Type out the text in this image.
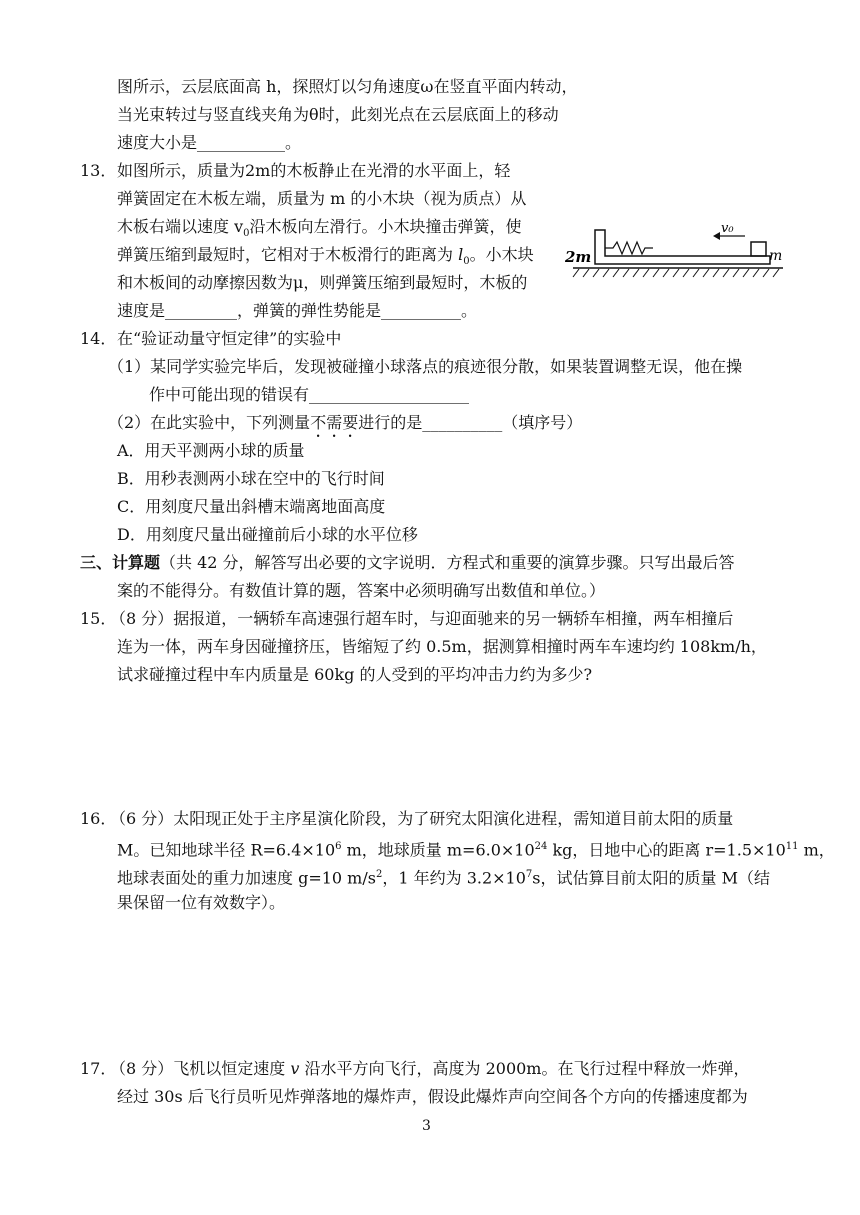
图所示，云层底面高 h，探照灯以匀角速度ω在竖直平面内转动，
当光束转过与竖直线夹角为θ时，此刻光点在云层底面上的移动
速度大小是___________。
13． 如图所示，质量为2m的木板静止在光滑的水平面上，轻
弹簧固定在木板左端，质量为 m 的小木块（视为质点）从
木板右端以速度 $v_0$沿木板向左滑行。小木块撞击弹簧，使
弹簧压缩到最短时，它相对于木板滑行的距离为 $l_0$。小木块
和木板间的动摩擦因数为μ，则弹簧压缩到最短时，木板的
速度是_________，弹簧的弹性势能是__________。
2m
v₀
m
14． 在“验证动量守恒定律”的实验中
（1）某同学实验完毕后，发现被碰撞小球落点的痕迹很分散，如果装置调整无误，他在操
作中可能出现的错误有____________________
（2）在此实验中，下列测量不需要进行的是__________（填序号）
A．用天平测两小球的质量
B．用秒表测两小球在空中的飞行时间
C．用刻度尺量出斜槽末端离地面高度
D．用刻度尺量出碰撞前后小球的水平位移
三、计算题（共 42 分，解答写出必要的文字说明．方程式和重要的演算步骤。只写出最后答
案的不能得分。有数值计算的题，答案中必须明确写出数值和单位。）
15．
（8 分）据报道，一辆轿车高速强行超车时，与迎面驰来的另一辆轿车相撞，两车相撞后
连为一体，两车身因碰撞挤压，皆缩短了约 0.5m，据测算相撞时两车车速均约 108km/h，
试求碰撞过程中车内质量是 60kg 的人受到的平均冲击力约为多少?
16．
（6 分）太阳现正处于主序星演化阶段，为了研究太阳演化进程，需知道目前太阳的质量
M。已知地球半径 $R=6.4\times 10^6$ m，地球质量 $m=6.0\times 10^{24}$ kg，日地中心的距离 $r=1.5\times 10^{11}$ m，
地球表面处的重力加速度 g=10 $m/s^2$，1 年约为 $3.2\times 10^7s$，试估算目前太阳的质量 M（结
果保留一位有效数字）。
17．
（8 分）飞机以恒定速度 v 沿水平方向飞行，高度为 2000m。在飞行过程中释放一炸弹，
经过 30s 后飞行员听见炸弹落地的爆炸声，假设此爆炸声向空间各个方向的传播速度都为
3
